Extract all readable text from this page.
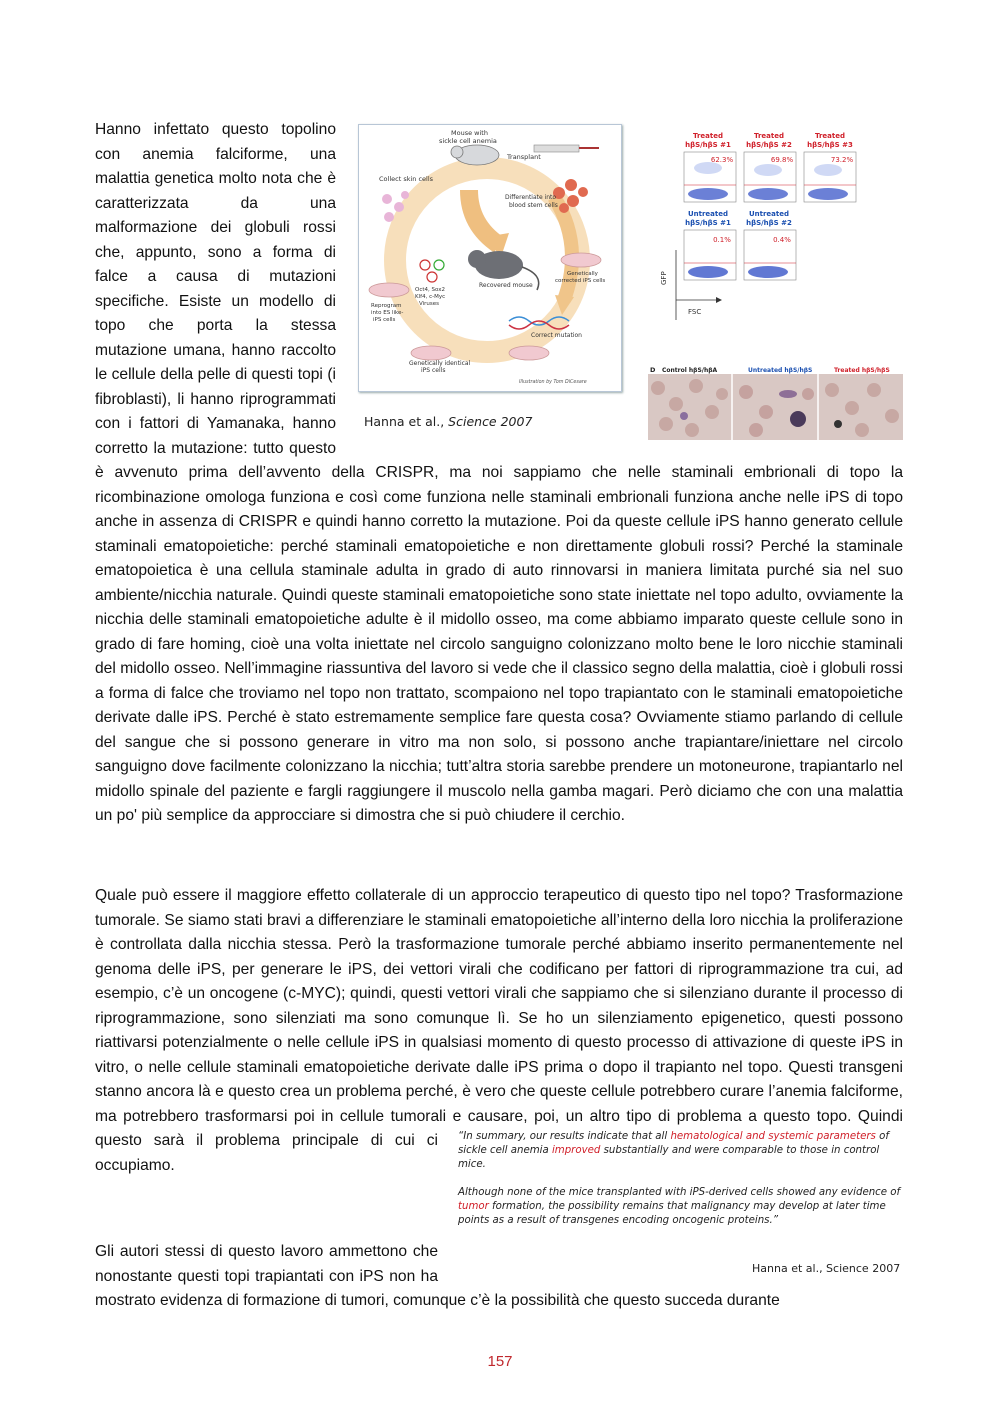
Mouse with
sickle cell anemia
Collect skin cells
Transplant
Differentiate into
blood stem cells
Recovered mouse
Oct4, Sox2
Klf4, c-Myc
Viruses
Reprogram
into ES like-
iPS cells
Genetically
corrected iPS cells
Correct mutation
Genetically identical
iPS cells
Illustration by Tom DiCesare
Hanna et al., Science 2007
Treated
hβS/hβS #1
62.3%
Treated
hβS/hβS #2
69.8%
Treated
hβS/hβS #3
73.2%
Untreated
hβS/hβS #1
0.1%
Untreated
hβS/hβS #2
0.4%
GFP
FSC
D Control hβS/hβA	Untreated hβS/hβS	Treated hβS/hβS

Hanno infettato questo topolino con anemia falciforme, una malattia genetica molto nota che è caratterizzata da una malformazione dei globuli rossi che, appunto, sono a forma di falce a causa di mutazioni specifiche. Esiste un modello di topo che porta la stessa mutazione umana, hanno raccolto le cellule della pelle di questi topi (i fibroblasti), li hanno riprogrammati con i fattori di Yamanaka, hanno corretto la mutazione: tutto questo è avvenuto prima dell’avvento della CRISPR, ma noi sappiamo che nelle staminali embrionali di topo la ricombinazione omologa funziona e così come funziona nelle staminali embrionali funziona anche nelle iPS di topo anche in assenza di CRISPR e quindi hanno corretto la mutazione. Poi da queste cellule iPS hanno generato cellule staminali ematopoietiche: perché staminali ematopoietiche e non direttamente globuli rossi? Perché la staminale ematopoietica è una cellula staminale adulta in grado di auto rinnovarsi in maniera limitata purché sia nel suo ambiente/nicchia naturale. Quindi queste staminali ematopoietiche sono state iniettate nel topo adulto, ovviamente la nicchia delle staminali ematopoietiche adulte è il midollo osseo, ma come abbiamo imparato queste cellule sono in grado di fare homing, cioè una volta iniettate nel circolo sanguigno colonizzano molto bene le loro nicchie staminali del midollo osseo. Nell’immagine riassuntiva del lavoro si vede che il classico segno della malattia, cioè i globuli rossi a forma di falce che troviamo nel topo non trattato, scompaiono nel topo trapiantato con le staminali ematopoietiche derivate dalle iPS. Perché è stato estremamente semplice fare questa cosa? Ovviamente stiamo parlando di cellule del sangue che si possono generare in vitro ma non solo, si possono anche trapiantare/iniettare nel circolo sanguigno dove facilmente colonizzano la nicchia; tutt’altra storia sarebbe prendere un motoneurone, trapiantarlo nel midollo spinale del paziente e fargli raggiungere il muscolo nella gamba magari. Però diciamo che con una malattia un po' più semplice da approcciare si dimostra che si può chiudere il cerchio.

Quale può essere il maggiore effetto collaterale di un approccio terapeutico di questo tipo nel topo? Trasformazione tumorale. Se siamo stati bravi a differenziare le staminali ematopoietiche all’interno della loro nicchia la proliferazione è controllata dalla nicchia stessa. Però la trasformazione tumorale perché abbiamo inserito permanentemente nel genoma delle iPS, per generare le iPS, dei vettori virali che codificano per fattori di riprogrammazione tra cui, ad esempio, c’è un oncogene (c-MYC); quindi, questi vettori virali che sappiamo che si silenziano durante il processo di riprogrammazione, sono silenziati ma sono comunque lì. Se ho un silenziamento epigenetico, questi possono riattivarsi potenzialmente o nelle cellule iPS in qualsiasi momento di questo processo di attivazione di queste iPS in vitro, o nelle cellule staminali ematopoietiche derivate dalle iPS prima o dopo il trapianto nel topo. Questi transgeni stanno ancora là e questo crea un problema perché, è vero che queste cellule potrebbero curare l’anemia falciforme, ma potrebbero trasformarsi poi in cellule tumorali e causare, poi, un altro tipo di problema a questo topo. Quindi questo sarà il problema principale di cui ci occupiamo.

“In summary, our results indicate that all hematological and systemic parameters of sickle cell anemia improved substantially and were comparable to those in control mice.
Although none of the mice transplanted with iPS-derived cells showed any evidence of tumor formation, the possibility remains that malignancy may develop at later time points as a result of transgenes encoding oncogenic proteins.”
Hanna et al., Science 2007

Gli autori stessi di questo lavoro ammettono che nonostante questi topi trapiantati con iPS non ha mostrato evidenza di formazione di tumori, comunque c’è la possibilità che questo succeda durante

157
